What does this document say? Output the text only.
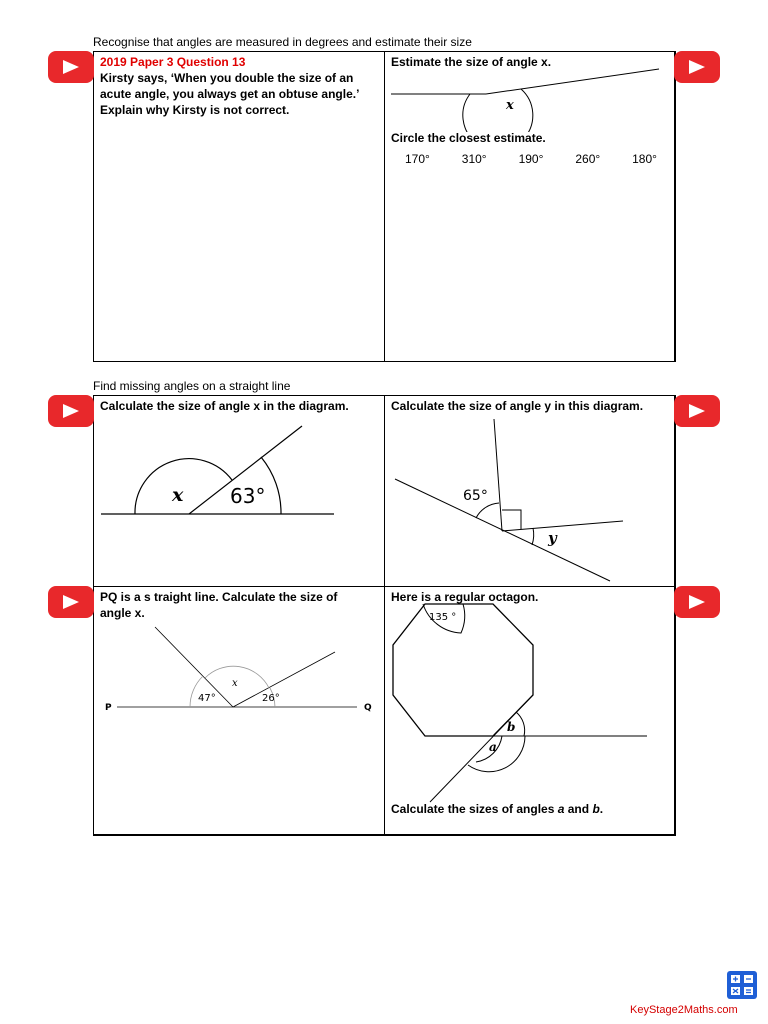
Recognise that angles are measured in degrees and estimate their size
2019 Paper 3 Question 13
Kirsty says, ‘When you double the size of an
acute angle, you always get an obtuse angle.’
Explain why Kirsty is not correct.
Estimate the size of angle x.
x
Circle the closest estimate.
170°	310°	190°	260°	180°
Find missing angles on a straight line
Calculate the size of angle x in the diagram.
x 63°
Calculate the size of angle y in this diagram.
65°
y
PQ is a s traight line. Calculate the size of
angle x.
P	Q
47°
x
26°
Here is a regular octagon.
135 °
b
a
Calculate the sizes of angles a and b.
KeyStage2Maths.com
